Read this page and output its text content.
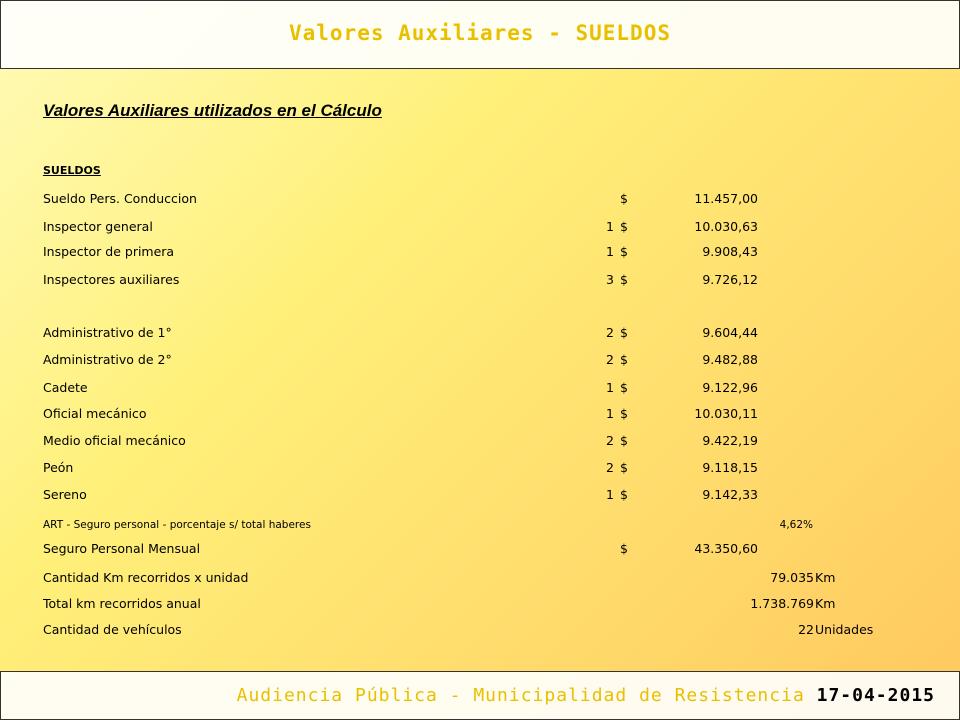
Valores Auxiliares - SUELDOS
Valores Auxiliares utilizados en el Cálculo
SUELDOS
Sueldo Pers. Conduccion	$	11.457,00
Inspector general	1 $	10.030,63
Inspector de primera	1 $	9.908,43
Inspectores auxiliares	3 $	9.726,12
Administrativo de 1°	2 $	9.604,44
Administrativo de 2°	2 $	9.482,88
Cadete	1 $	9.122,96
Oficial mecánico	1 $	10.030,11
Medio oficial mecánico	2 $	9.422,19
Peón	2 $	9.118,15
Sereno	1 $	9.142,33
ART - Seguro personal - porcentaje s/ total haberes	4,62%
Seguro Personal Mensual	$	43.350,60
Cantidad Km recorridos x unidad	79.035 Km
Total km recorridos anual	1.738.769 Km
Cantidad de vehículos	22 Unidades
Audiencia Pública - Municipalidad de Resistencia 17-04-2015
